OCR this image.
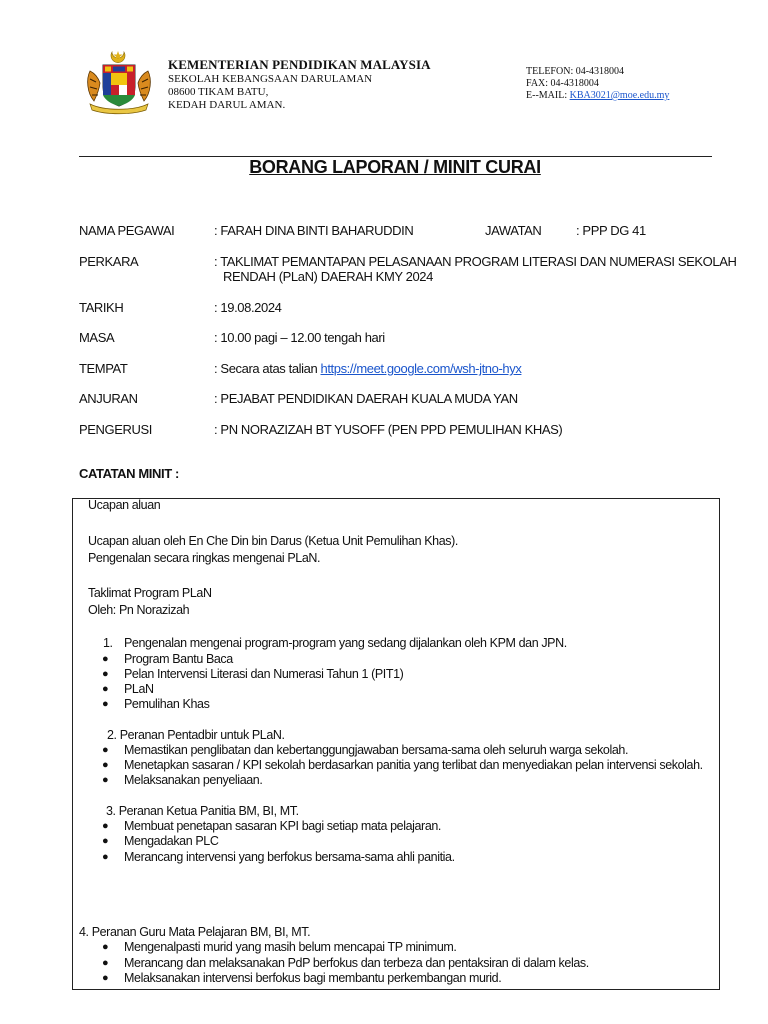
KEMENTERIAN PENDIDIKAN MALAYSIA
SEKOLAH KEBANGSAAN DARULAMAN
08600 TIKAM BATU,
KEDAH DARUL AMAN.
TELEFON: 04-4318004
FAX: 04-4318004
E--MAIL: KBA3021@moe.edu.my
BORANG LAPORAN / MINIT CURAI
NAMA PEGAWAI	: FARAH DINA BINTI BAHARUDDIN	JAWATAN	: PPP DG 41
PERKARA	: TAKLIMAT PEMANTAPAN PELASANAAN PROGRAM LITERASI DAN NUMERASI SEKOLAH
RENDAH (PLaN) DAERAH KMY 2024
TARIKH	: 19.08.2024
MASA	: 10.00 pagi – 12.00 tengah hari
TEMPAT	: Secara atas talian https://meet.google.com/wsh-jtno-hyx
ANJURAN	: PEJABAT PENDIDIKAN DAERAH KUALA MUDA YAN
PENGERUSI	: PN NORAZIZAH BT YUSOFF (PEN PPD PEMULIHAN KHAS)
CATATAN MINIT :
Ucapan aluan
Ucapan aluan oleh En Che Din bin Darus (Ketua Unit Pemulihan Khas).
Pengenalan secara ringkas mengenai PLaN.
Taklimat Program PLaN
Oleh: Pn Norazizah
1. Pengenalan mengenai program-program yang sedang dijalankan oleh KPM dan JPN.
● Program Bantu Baca
● Pelan Intervensi Literasi dan Numerasi Tahun 1 (PIT1)
● PLaN
● Pemulihan Khas
2. Peranan Pentadbir untuk PLaN.
● Memastikan penglibatan dan kebertanggungjawaban bersama-sama oleh seluruh warga sekolah.
● Menetapkan sasaran / KPI sekolah berdasarkan panitia yang terlibat dan menyediakan pelan intervensi sekolah.
● Melaksanakan penyeliaan.
3. Peranan Ketua Panitia BM, BI, MT.
● Membuat penetapan sasaran KPI bagi setiap mata pelajaran.
● Mengadakan PLC
● Merancang intervensi yang berfokus bersama-sama ahli panitia.
4. Peranan Guru Mata Pelajaran BM, BI, MT.
● Mengenalpasti murid yang masih belum mencapai TP minimum.
● Merancang dan melaksanakan PdP berfokus dan terbeza dan pentaksiran di dalam kelas.
● Melaksanakan intervensi berfokus bagi membantu perkembangan murid.
